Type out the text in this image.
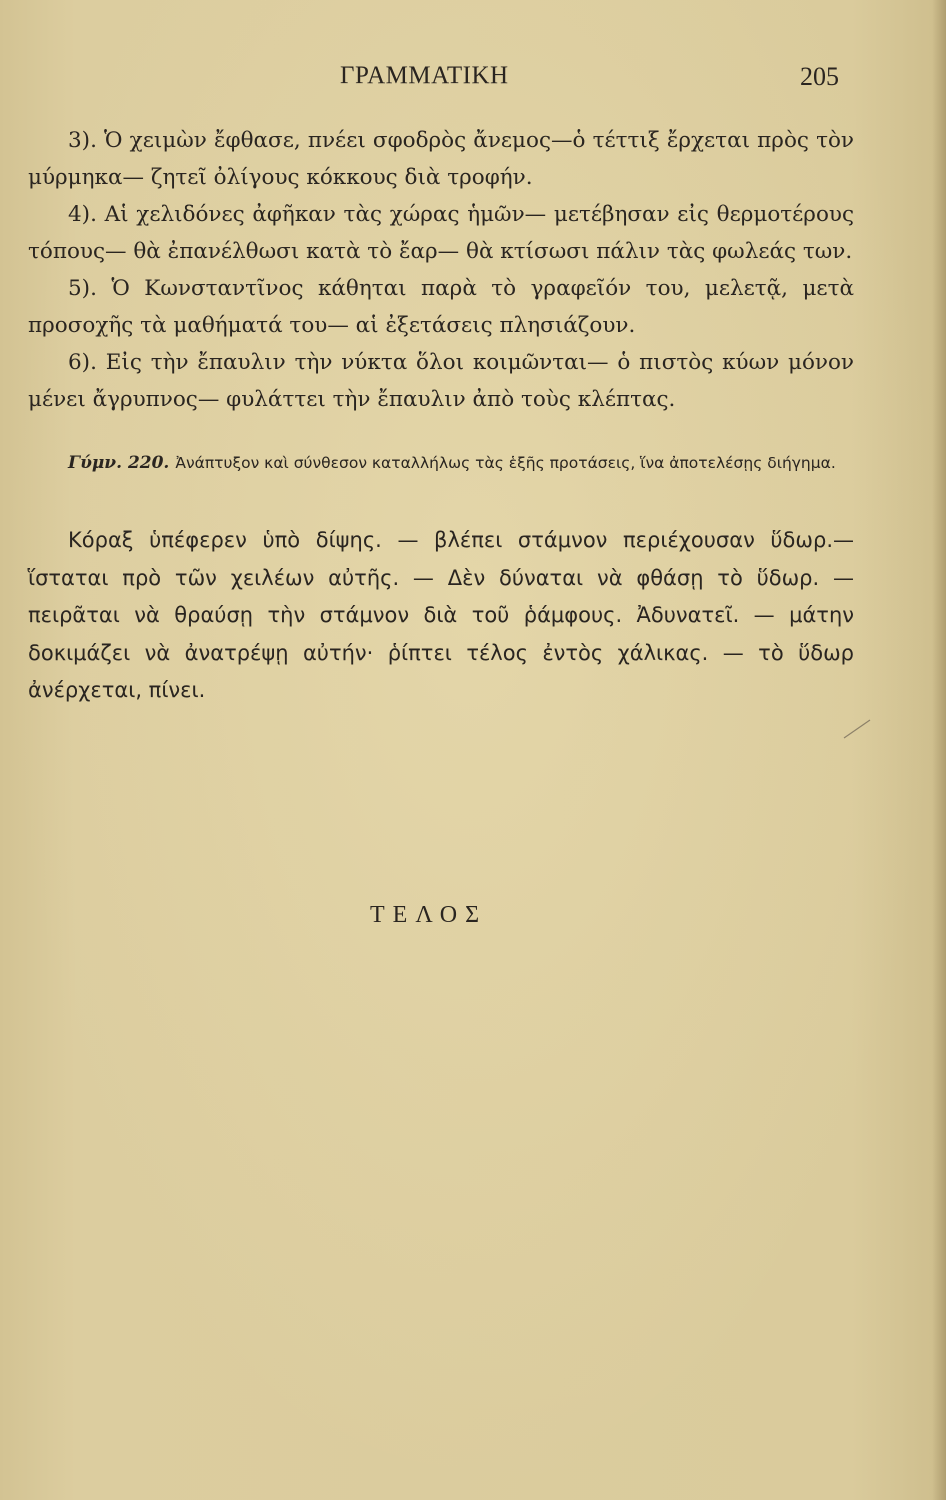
ΓΡΑΜΜΑΤΙΚΗ	205

3). Ὁ χειμὼν ἔφθασε, πνέει σφοδρὸς ἄνεμος—ὁ τέττιξ ἔρχεται πρὸς τὸν μύρμηκα— ζητεῖ ὀλίγους κόκκους διὰ τροφήν.

4). Αἱ χελιδόνες ἀφῆκαν τὰς χώρας ἡμῶν— μετέβησαν εἰς θερμοτέρους τόπους— θὰ ἐπανέλθωσι κατὰ τὸ ἔαρ— θὰ κτίσωσι πάλιν τὰς φωλεάς των.

5). Ὁ Κωνσταντῖνος κάθηται παρὰ τὸ γραφεῖόν του, μελετᾷ, μετὰ προσοχῆς τὰ μαθήματά του— αἱ ἐξετάσεις πλησιάζουν.

6). Εἰς τὴν ἔπαυλιν τὴν νύκτα ὅλοι κοιμῶνται— ὁ πιστὸς κύων μόνον μένει ἄγρυπνος— φυλάττει τὴν ἔπαυλιν ἀπὸ τοὺς κλέπτας.

Γύμν. 220. Ἀνάπτυξον καὶ σύνθεσον καταλλήλως τὰς ἑξῆς προτάσεις, ἵνα ἀποτελέσῃς διήγημα.
Κόραξ ὑπέφερεν ὑπὸ δίψης. — βλέπει στάμνον περιέχουσαν ὕδωρ.— ἵσταται πρὸ τῶν χειλέων αὐτῆς. — Δὲν δύναται νὰ φθάσῃ τὸ ὕδωρ. — πειρᾶται νὰ θραύσῃ τὴν στάμνον διὰ τοῦ ῥάμφους. Ἀδυνατεῖ. — μάτην δοκιμάζει νὰ ἀνατρέψῃ αὐτήν· ῥίπτει τέλος ἐντὸς χάλικας. — τὸ ὕδωρ ἀνέρχεται, πίνει.
ΤΕΛΟΣ
